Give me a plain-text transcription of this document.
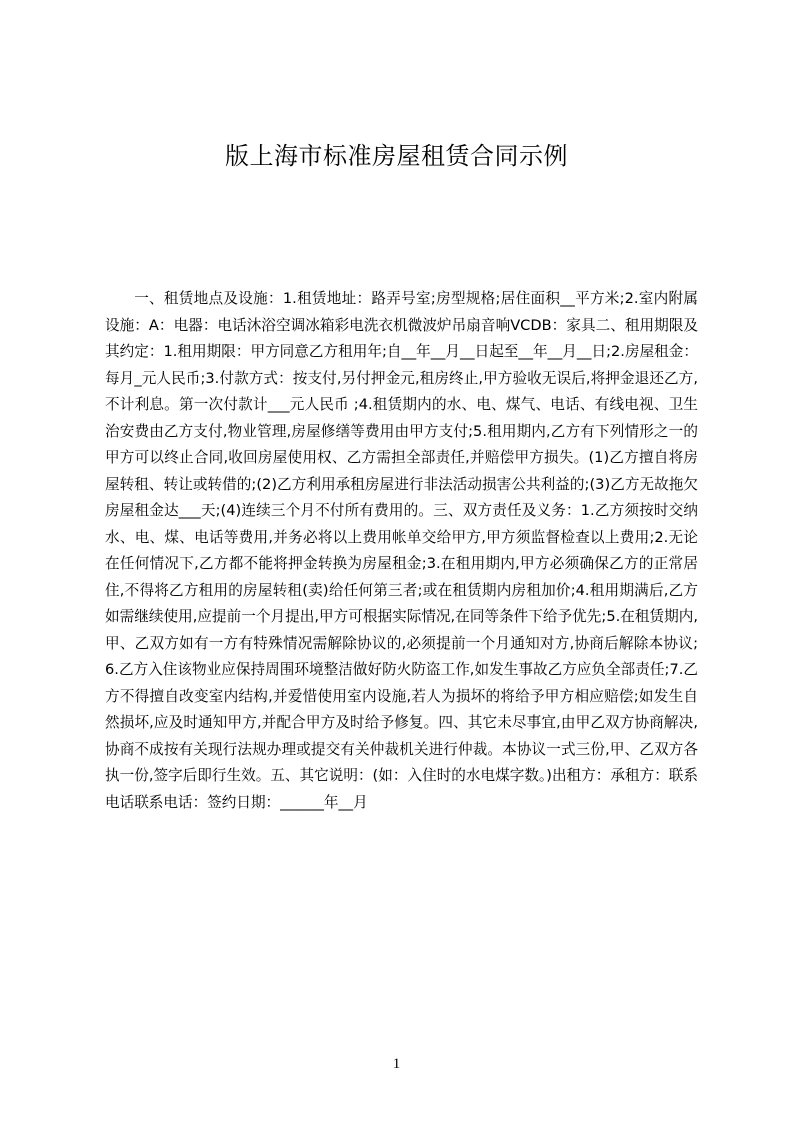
版上海市标准房屋租赁合同示例

一、租赁地点及设施：1.租赁地址：路弄号室;房型规格;居住面积__平方米;2.室内附属设施：A：电器：电话沐浴空调冰箱彩电洗衣机微波炉吊扇音响VCDB：家具二、租用期限及其约定：1.租用期限：甲方同意乙方租用年;自__年__月__日起至__年__月__日;2.房屋租金：每月_元人民币;3.付款方式：按支付,另付押金元,租房终止,甲方验收无误后,将押金退还乙方,不计利息。第一次付款计___元人民币 ;4.租赁期内的水、电、煤气、电话、有线电视、卫生治安费由乙方支付,物业管理,房屋修缮等费用由甲方支付;5.租用期内,乙方有下列情形之一的甲方可以终止合同,收回房屋使用权、乙方需担全部责任,并赔偿甲方损失。(1)乙方擅自将房屋转租、转让或转借的;(2)乙方利用承租房屋进行非法活动损害公共利益的;(3)乙方无故拖欠房屋租金达___天;(4)连续三个月不付所有费用的。三、双方责任及义务：1.乙方须按时交纳水、电、煤、电话等费用,并务必将以上费用帐单交给甲方,甲方须监督检查以上费用;2.无论在任何情况下,乙方都不能将押金转换为房屋租金;3.在租用期内,甲方必须确保乙方的正常居住,不得将乙方租用的房屋转租(卖)给任何第三者;或在租赁期内房租加价;4.租用期满后,乙方如需继续使用,应提前一个月提出,甲方可根据实际情况,在同等条件下给予优先;5.在租赁期内,甲、乙双方如有一方有特殊情况需解除协议的,必须提前一个月通知对方,协商后解除本协议;6.乙方入住该物业应保持周围环境整洁做好防火防盗工作,如发生事故乙方应负全部责任;7.乙方不得擅自改变室内结构,并爱惜使用室内设施,若人为损坏的将给予甲方相应赔偿;如发生自然损坏,应及时通知甲方,并配合甲方及时给予修复。四、其它未尽事宜,由甲乙双方协商解决,协商不成按有关现行法规办理或提交有关仲裁机关进行仲裁。本协议一式三份,甲、乙双方各执一份,签字后即行生效。五、其它说明：(如：入住时的水电煤字数。)出租方：承租方：联系电话联系电话：签约日期：______年__月

1
